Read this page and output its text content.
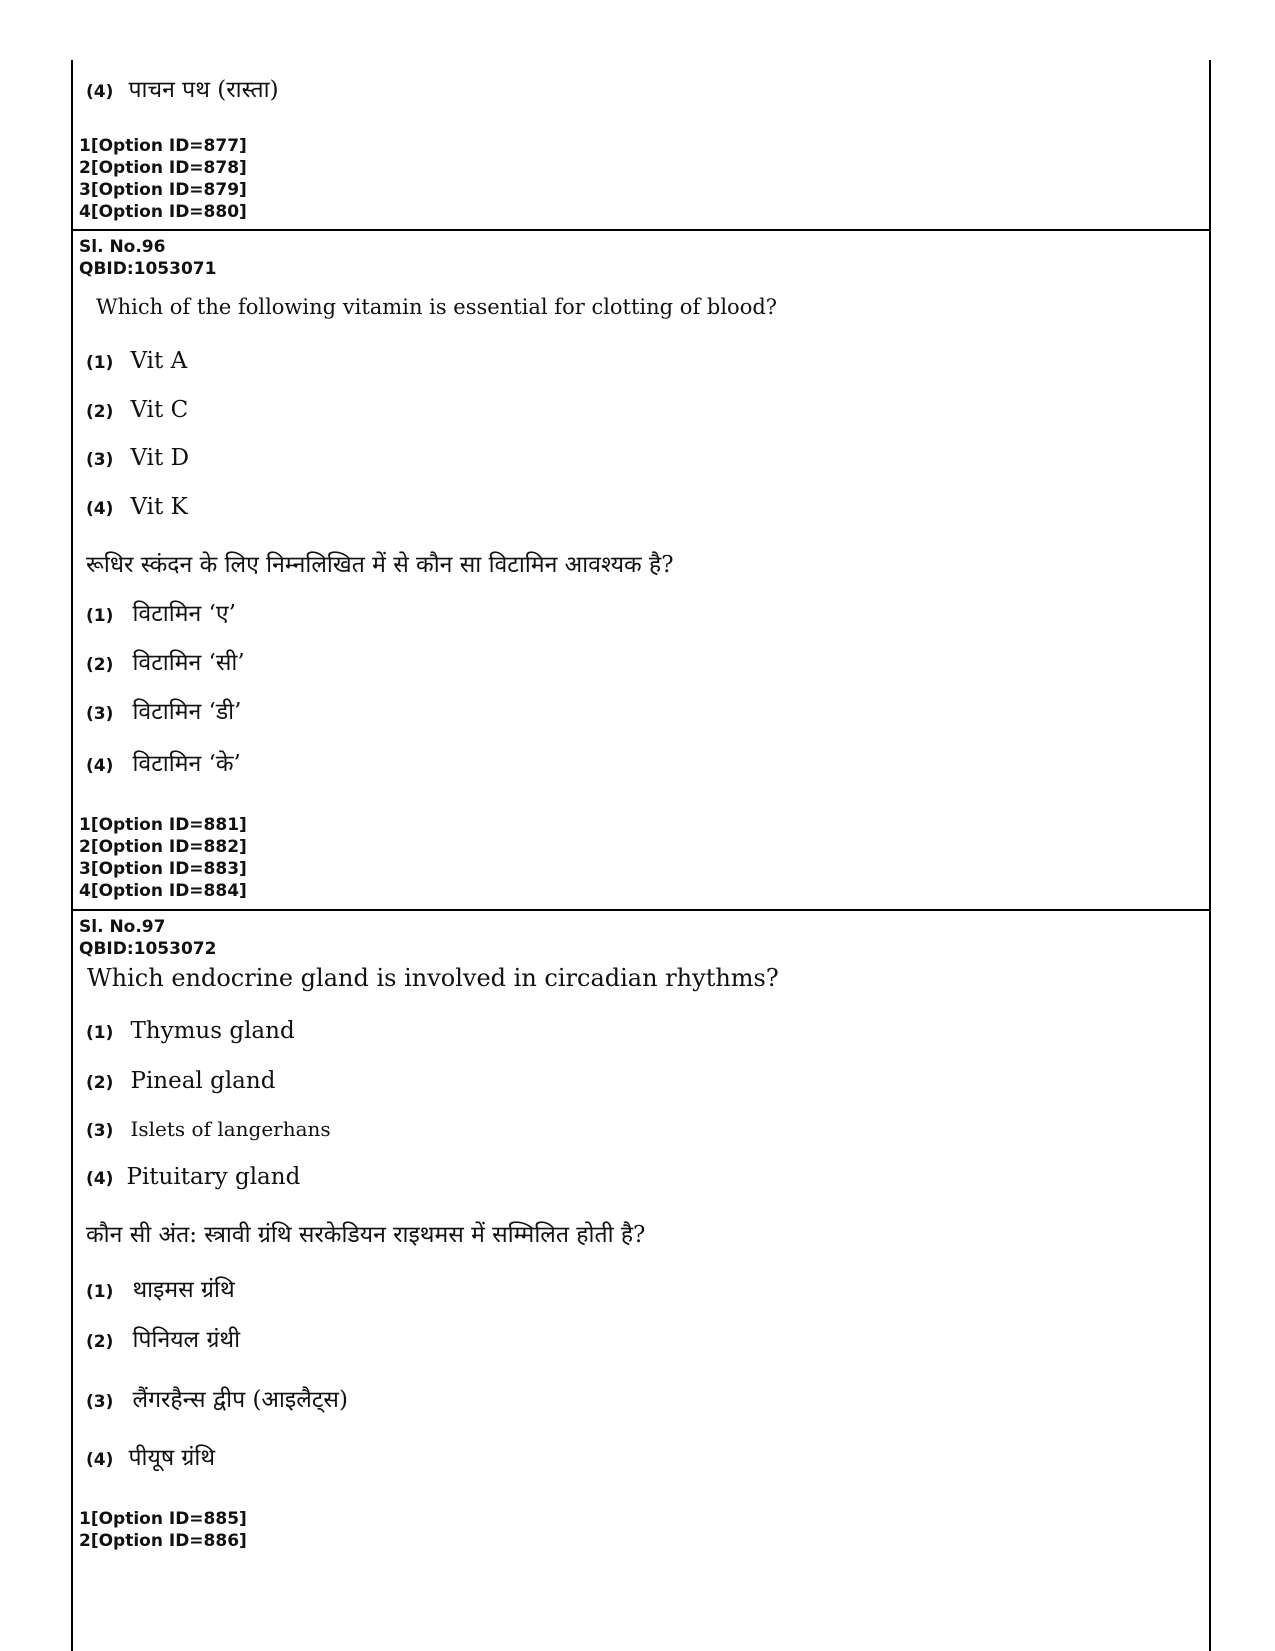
(4) पाचन पथ (रास्ता)
1[Option ID=877]
2[Option ID=878]
3[Option ID=879]
4[Option ID=880]
Sl. No.96
QBID:1053071
Which of the following vitamin is essential for clotting of blood?
(1) Vit A
(2) Vit C
(3) Vit D
(4) Vit K
रूधिर स्कंदन के लिए निम्नलिखित में से कौन सा विटामिन आवश्यक है?
(1) विटामिन ‘ए’
(2) विटामिन ‘सी’
(3) विटामिन ‘डी’
(4) विटामिन ‘के’
1[Option ID=881]
2[Option ID=882]
3[Option ID=883]
4[Option ID=884]
Sl. No.97
QBID:1053072
Which endocrine gland is involved in circadian rhythms?
(1) Thymus gland
(2) Pineal gland
(3) Islets of langerhans
(4) Pituitary gland
कौन सी अंत: स्त्रावी ग्रंथि सरकेडियन राइथमस में सम्मिलित होती है?
(1) थाइमस ग्रंथि
(2) पिनियल ग्रंथी
(3) लैंगरहैन्स द्वीप (आइलैट्स)
(4) पीयूष ग्रंथि
1[Option ID=885]
2[Option ID=886]
